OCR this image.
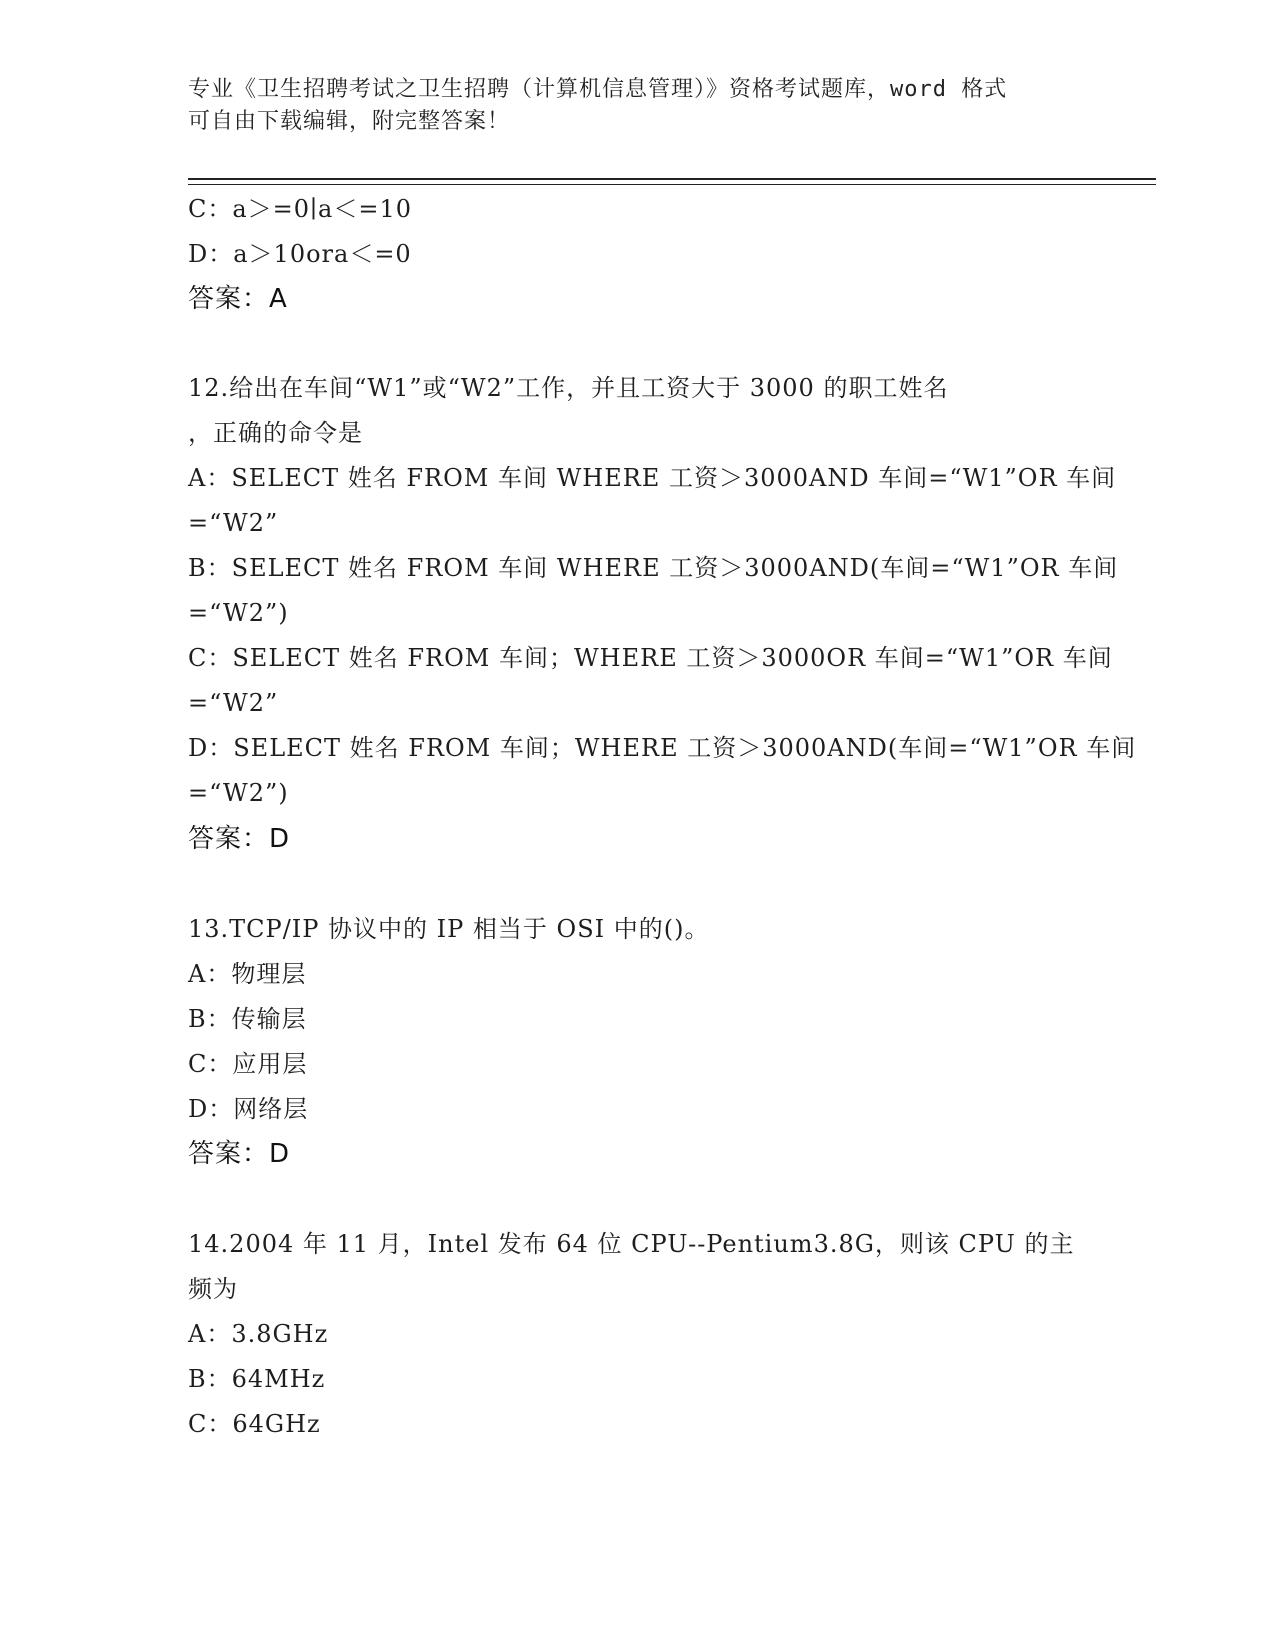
专业《卫生招聘考试之卫生招聘（计算机信息管理）》资格考试题库，word 格式
可自由下载编辑，附完整答案！
C：a＞=0∣a＜=10
D：a＞10ora＜=0
答案：A
12.给出在车间“W1”或“W2”工作，并且工资大于 3000 的职工姓名
，正确的命令是
A：SELECT 姓名 FROM 车间 WHERE 工资＞3000AND 车间=“W1”OR 车间
=“W2”
B：SELECT 姓名 FROM 车间 WHERE 工资＞3000AND(车间=“W1”OR 车间
=“W2”)
C：SELECT 姓名 FROM 车间；WHERE 工资＞3000OR 车间=“W1”OR 车间
=“W2”
D：SELECT 姓名 FROM 车间；WHERE 工资＞3000AND(车间=“W1”OR 车间
=“W2”)
答案：D
13.TCP/IP 协议中的 IP 相当于 OSI 中的()。
A：物理层
B：传输层
C：应用层
D：网络层
答案：D
14.2004 年 11 月，Intel 发布 64 位 CPU--Pentium3.8G，则该 CPU 的主
频为
A：3.8GHz
B：64MHz
C：64GHz
